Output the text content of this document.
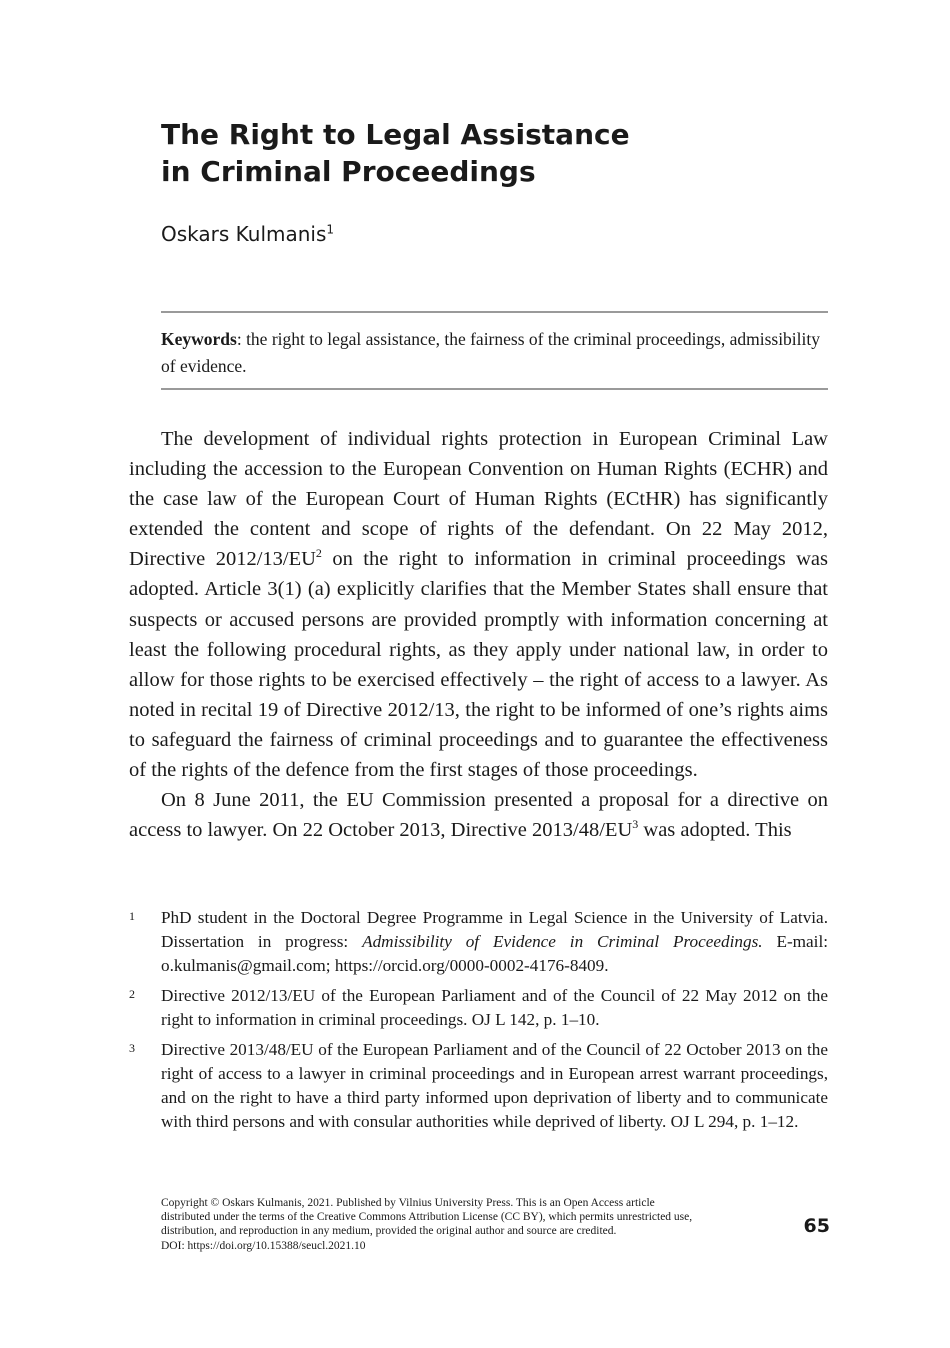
The Right to Legal Assistance
in Criminal Proceedings

Oskars Kulmanis$^1$

Keywords: the right to legal assistance, the fairness of the criminal proceedings, admissibility of evidence.

The development of individual rights protection in European Criminal Law including the accession to the European Convention on Human Rights (ECHR) and the case law of the European Court of Human Rights (ECtHR) has significantly extended the content and scope of rights of the defendant. On 22 May 2012, Directive $2012/13/EU^2$ on the right to information in criminal proceedings was adopted. Article 3(1) (a) explicitly clarifies that the Member States shall ensure that suspects or accused persons are provided promptly with information concerning at least the following procedural rights, as they apply under national law, in order to allow for those rights to be exercised effectively – the right of access to a lawyer. As noted in recital 19 of Directive 2012/13, the right to be informed of one’s rights aims to safeguard the fairness of criminal proceedings and to guarantee the effectiveness of the rights of the defence from the first stages of those proceedings.

On 8 June 2011, the EU Commission presented a proposal for a directive on access to lawyer. On 22 October 2013, Directive $2013/48/EU^3$ was adopted. This

1 PhD student in the Doctoral Degree Programme in Legal Science in the University of Latvia. Dissertation in progress: Admissibility of Evidence in Criminal Proceedings. E-mail: o.kulmanis@gmail.com; https://orcid.org/0000-0002-4176-8409.
2 Directive 2012/13/EU of the European Parliament and of the Council of 22 May 2012 on the right to information in criminal proceedings. OJ L 142, p. 1–10.
3 Directive 2013/48/EU of the European Parliament and of the Council of 22 October 2013 on the right of access to a lawyer in criminal proceedings and in European arrest warrant proceedings, and on the right to have a third party informed upon deprivation of liberty and to communicate with third persons and with consular authorities while deprived of liberty. OJ L 294, p. 1–12.
Copyright © Oskars Kulmanis, 2021. Published by Vilnius University Press. This is an Open Access article
distributed under the terms of the Creative Commons Attribution License (CC BY), which permits unrestricted use,
distribution, and reproduction in any medium, provided the original author and source are credited.
DOI: https://doi.org/10.15388/seucl.2021.10
65
